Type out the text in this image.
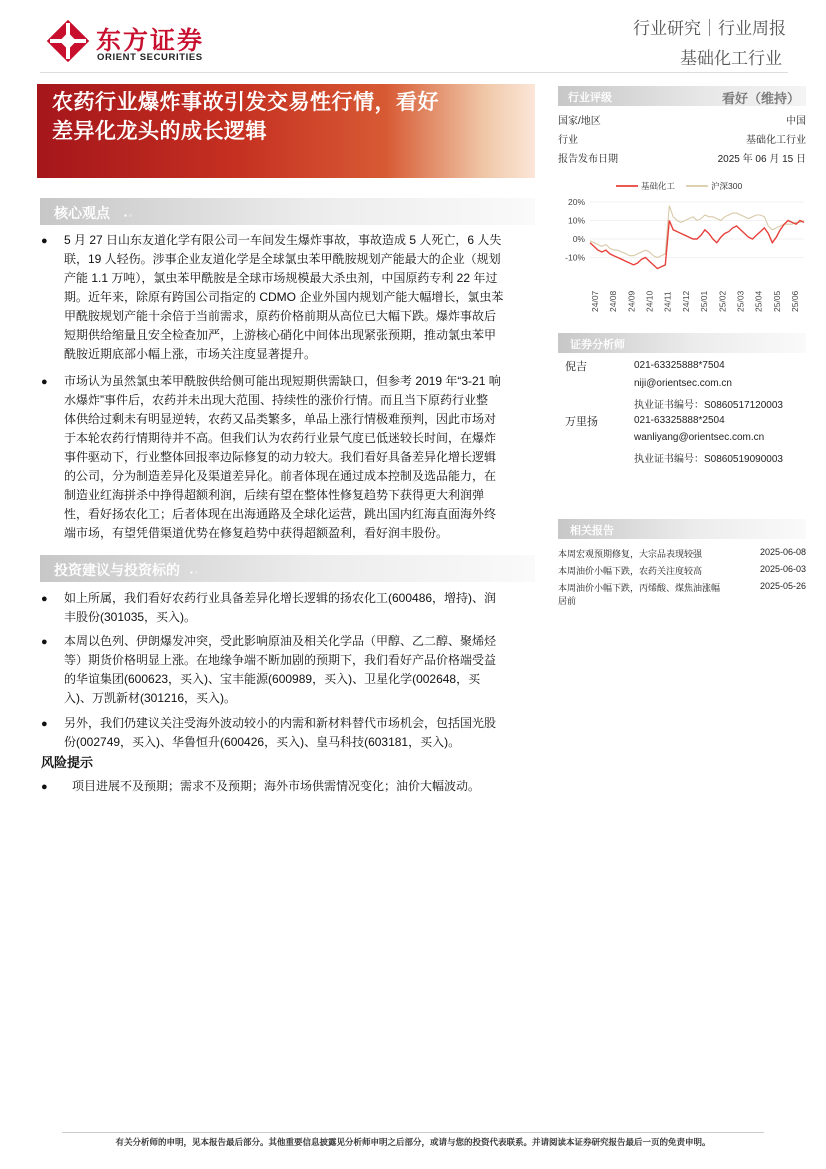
东方证券
ORIENT SECURITIES
行业研究｜行业周报
基础化工行业
农药行业爆炸事故引发交易性行情，看好
差异化龙头的成长逻辑
核心观点 ▪ ▫
● 5 月 27 日山东友道化学有限公司一车间发生爆炸事故，事故造成 5 人死亡，6 人失
联，19 人轻伤。涉事企业友道化学是全球氯虫苯甲酰胺规划产能最大的企业（规划
产能 1.1 万吨），氯虫苯甲酰胺是全球市场规模最大杀虫剂，中国原药专利 22 年过
期。近年来，除原有跨国公司指定的 CDMO 企业外国内规划产能大幅增长，氯虫苯
甲酰胺规划产能十余倍于当前需求，原药价格前期从高位已大幅下跌。爆炸事故后
短期供给缩量且安全检查加严，上游核心硝化中间体出现紧张预期，推动氯虫苯甲
酰胺近期底部小幅上涨，市场关注度显著提升。
● 市场认为虽然氯虫苯甲酰胺供给侧可能出现短期供需缺口，但参考 2019 年“3-21 响
水爆炸”事件后，农药并未出现大范围、持续性的涨价行情。而且当下原药行业整
体供给过剩未有明显逆转，农药又品类繁多，单品上涨行情极难预判，因此市场对
于本轮农药行情期待并不高。但我们认为农药行业景气度已低迷较长时间，在爆炸
事件驱动下，行业整体回报率边际修复的动力较大。我们看好具备差异化增长逻辑
的公司，分为制造差异化及渠道差异化。前者体现在通过成本控制及选品能力，在
制造业红海拼杀中挣得超额利润，后续有望在整体性修复趋势下获得更大利润弹
性，看好扬农化工；后者体现在出海通路及全球化运营，跳出国内红海直面海外终
端市场，有望凭借渠道优势在修复趋势中获得超额盈利，看好润丰股份。
投资建议与投资标的 ▪ ▫
● 如上所属，我们看好农药行业具备差异化增长逻辑的扬农化工(600486，增持)、润
丰股份(301035，买入)。
● 本周以色列、伊朗爆发冲突，受此影响原油及相关化学品（甲醇、乙二醇、聚烯烃
等）期货价格明显上涨。在地缘争端不断加剧的预期下，我们看好产品价格端受益
的华谊集团(600623，买入)、宝丰能源(600989，买入)、卫星化学(002648，买
入)、万凯新材(301216，买入)。
● 另外，我们仍建议关注受海外波动较小的内需和新材料替代市场机会，包括国光股
份(002749，买入)、华鲁恒升(600426，买入)、皇马科技(603181，买入)。
风险提示
● 项目进展不及预期；需求不及预期；海外市场供需情况变化；油价大幅波动。
行业评级	看好（维持）
国家/地区	中国
行业	基础化工行业
报告发布日期	2025 年 06 月 15 日
基础化工	沪深300
20%
10%
0%
-10%
24/07 24/08 24/09 24/10 24/11 24/12 25/01 25/02 25/03 25/04 25/05 25/06
证券分析师
倪吉	021-63325888*7504
niji@orientsec.com.cn
执业证书编号：S0860517120003
万里扬	021-63325888*2504
wanliyang@orientsec.com.cn
执业证书编号：S0860519090003
相关报告
本周宏观预期修复，大宗品表现较强	2025-06-08
本周油价小幅下跌，农药关注度较高	2025-06-03
本周油价小幅下跌，丙烯酸、煤焦油涨幅	2025-05-26
居前
有关分析师的申明，见本报告最后部分。其他重要信息披露见分析师申明之后部分，或请与您的投资代表联系。并请阅读本证券研究报告最后一页的免责申明。
